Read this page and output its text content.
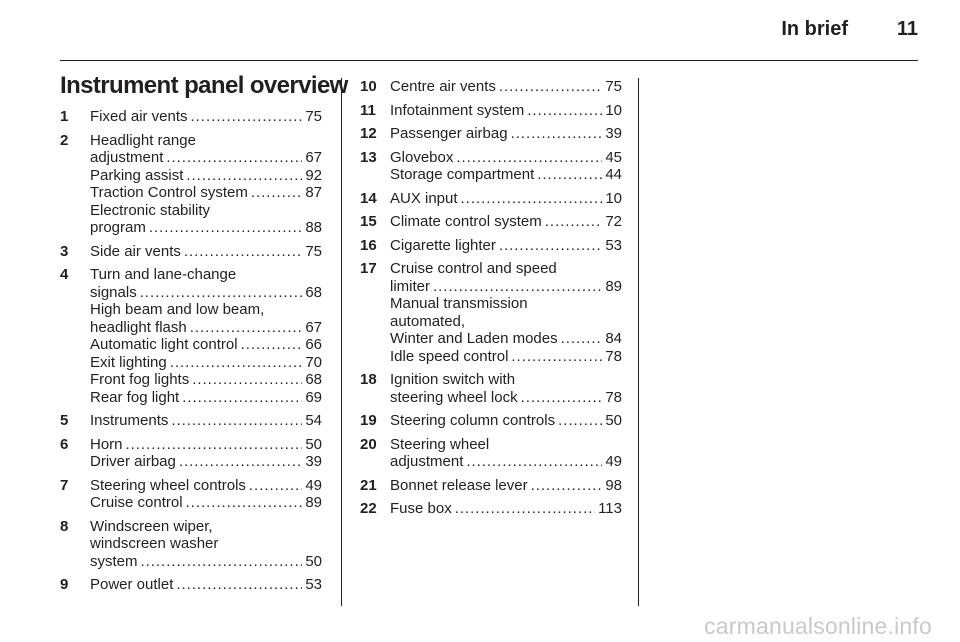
In brief 11
Instrument panel overview
1	Fixed air vents . . .	75
2	Headlight range
adjustment . . .	67
Parking assist . . .	92
Traction Control system . . .	87
Electronic stability
program . . .	88
3	Side air vents . . .	75
4	Turn and lane-change
signals . . .	68
High beam and low beam,
headlight flash . . .	67
Automatic light control . . .	66
Exit lighting . . .	70
Front fog lights . . .	68
Rear fog light . . .	69
5	Instruments . . .	54
6	Horn . . .	50
Driver airbag . . .	39
7	Steering wheel controls . . .	49
Cruise control . . .	89
8	Windscreen wiper,
windscreen washer
system . . .	50
9	Power outlet . . .	53
10 Centre air vents . . .	75
11 Infotainment system . . .	10
12 Passenger airbag . . .	39
13 Glovebox . . .	45
Storage compartment . . .	44
14 AUX input . . .	10
15 Climate control system . . .	72
16 Cigarette lighter . . .	53
17 Cruise control and speed
limiter . . .	89
Manual transmission
automated,
Winter and Laden modes . . .	84
Idle speed control . . .	78
18 Ignition switch with
steering wheel lock . . .	78
19 Steering column controls . . .	50
20 Steering wheel
adjustment . . .	49
21 Bonnet release lever . . .	98
22 Fuse box . . .	113
carmanualsonline.info
